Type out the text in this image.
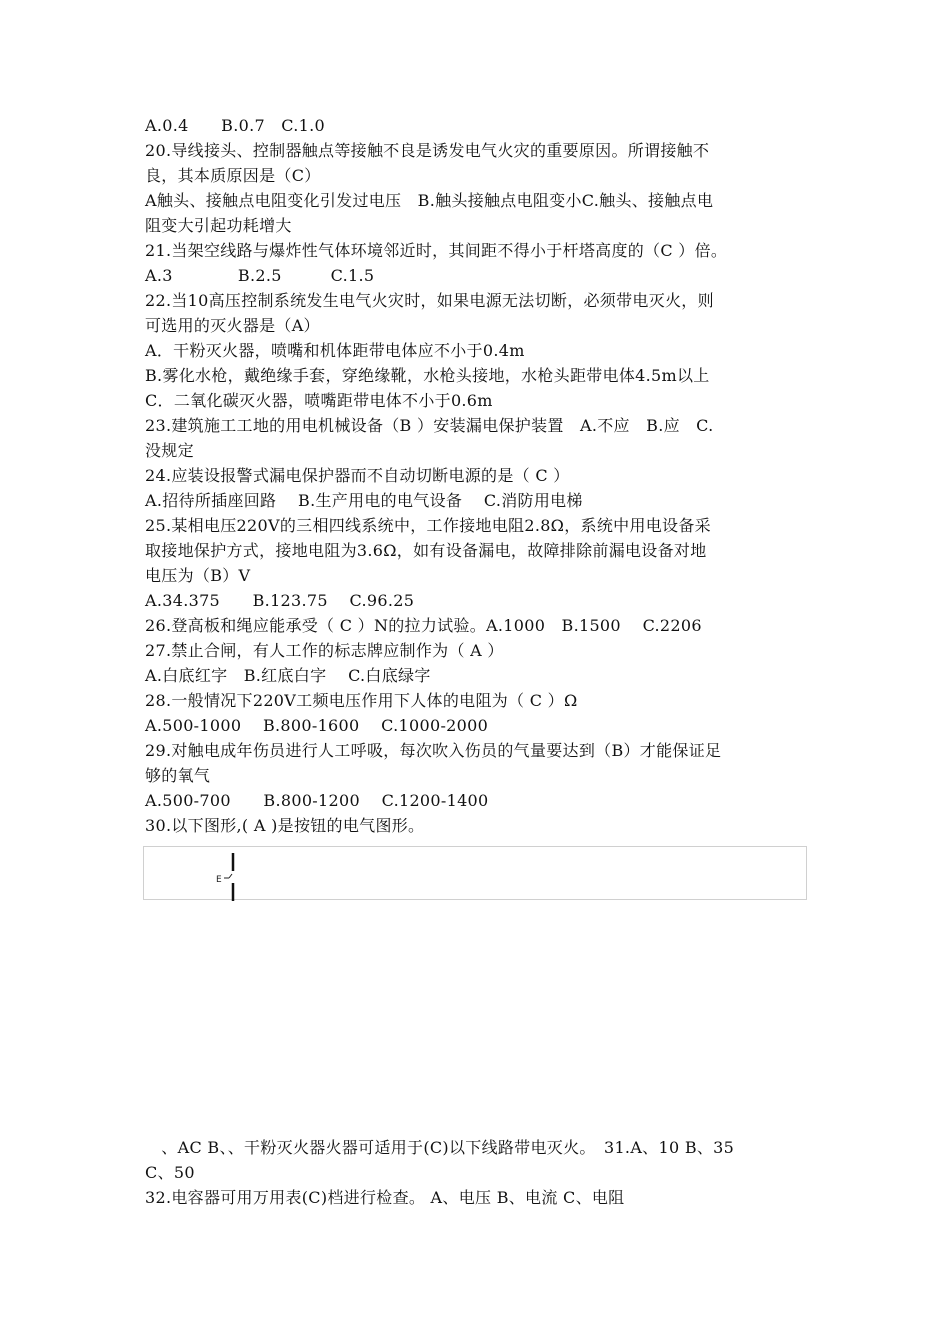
A.0.4　　B.0.7　C.1.0
20.导线接头、控制器触点等接触不良是诱发电气火灾的重要原因。所谓接触不
良，其本质原因是（C）
A触头、接触点电阻变化引发过电压　B.触头接触点电阻变小C.触头、接触点电
阻变大引起功耗增大
21.当架空线路与爆炸性气体环境邻近时，其间距不得小于杆塔高度的（C ）倍。
A.3　　　　B.2.5　　　C.1.5
22.当10高压控制系统发生电气火灾时，如果电源无法切断，必须带电灭火，则
可选用的灭火器是（A）
A．干粉灭火器，喷嘴和机体距带电体应不小于0.4m
B.雾化水枪，戴绝缘手套，穿绝缘靴，水枪头接地，水枪头距带电体4.5m以上
C．二氧化碳灭火器，喷嘴距带电体不小于0.6m
23.建筑施工工地的用电机械设备（B ）安装漏电保护装置　A.不应　B.应　C.
没规定
24.应装设报警式漏电保护器而不自动切断电源的是（ C ）
A.招待所插座回路　 B.生产用电的电气设备　 C.消防用电梯
25.某相电压220V的三相四线系统中，工作接地电阻2.8Ω，系统中用电设备采
取接地保护方式，接地电阻为3.6Ω，如有设备漏电，故障排除前漏电设备对地
电压为（B）V
A.34.375　　B.123.75　 C.96.25
26.登高板和绳应能承受（ C ）N的拉力试验。A.1000　B.1500　 C.2206
27.禁止合闸，有人工作的标志牌应制作为（ A ）
A.白底红字　B.红底白字　 C.白底绿字
28.一般情况下220V工频电压作用下人体的电阻为（ C ）Ω
A.500-1000　 B.800-1600　 C.1000-2000
29.对触电成年伤员进行人工呼吸，每次吹入伤员的气量要达到（B）才能保证足
够的氧气
A.500-700　　B.800-1200　 C.1200-1400
30.以下图形,( A )是按钮的电气图形。
E
　、AC B、、干粉灭火器火器可适用于(C)以下线路带电灭火。　31.A、10 B、35
C、50
32.电容器可用万用表(C)档进行检查。 A、电压 B、电流 C、电阻
